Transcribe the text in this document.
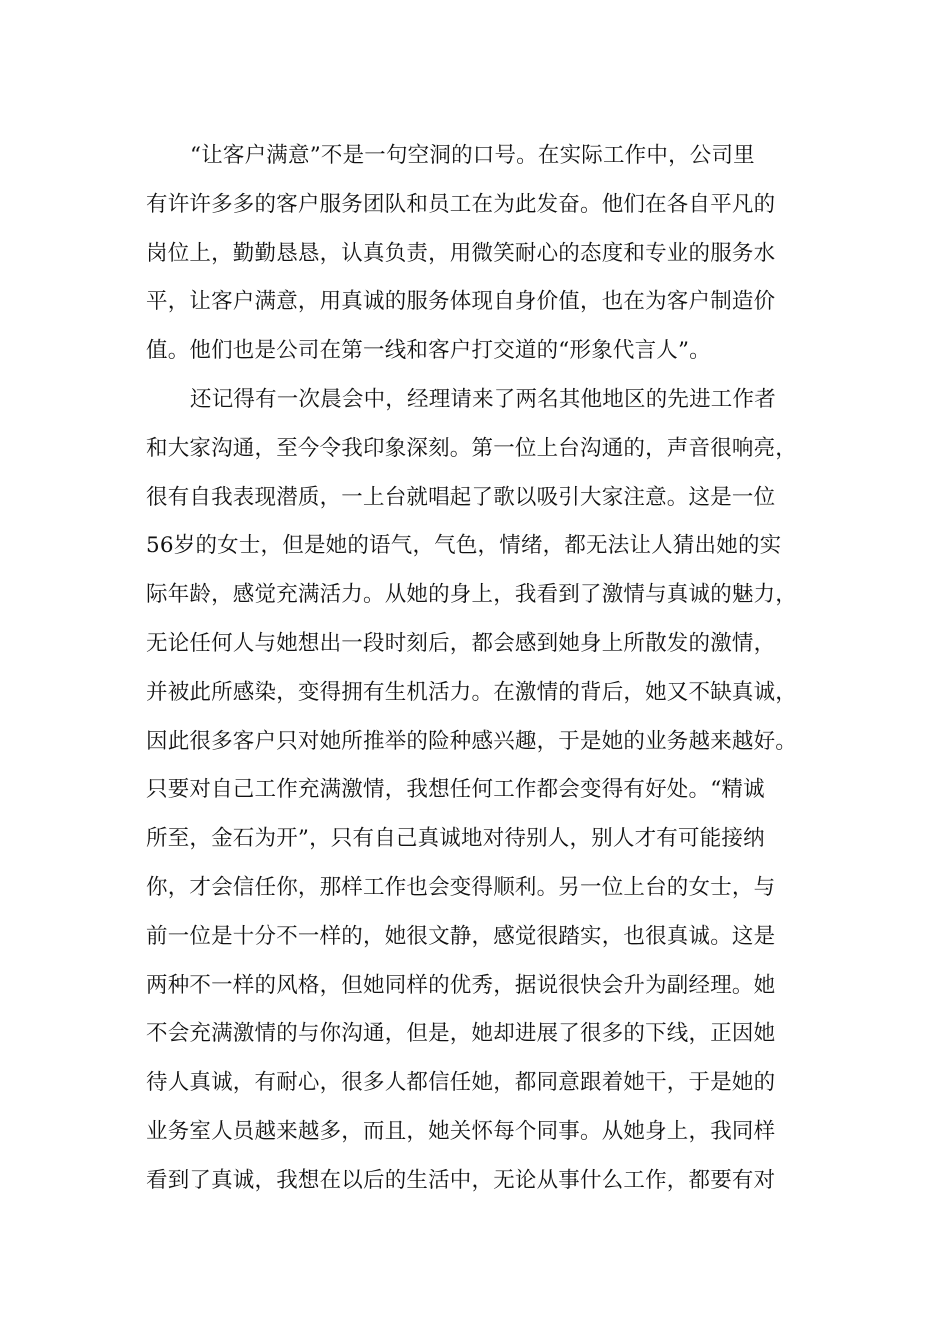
“让客户满意”不是一句空洞的口号。在实际工作中，公司里
有许许多多的客户服务团队和员工在为此发奋。他们在各自平凡的
岗位上，勤勤恳恳，认真负责，用微笑耐心的态度和专业的服务水
平，让客户满意，用真诚的服务体现自身价值，也在为客户制造价
值。他们也是公司在第一线和客户打交道的“形象代言人”。
还记得有一次晨会中，经理请来了两名其他地区的先进工作者
和大家沟通，至今令我印象深刻。第一位上台沟通的，声音很响亮，
很有自我表现潜质，一上台就唱起了歌以吸引大家注意。这是一位
56岁的女士，但是她的语气，气色，情绪，都无法让人猜出她的实
际年龄，感觉充满活力。从她的身上，我看到了激情与真诚的魅力，
无论任何人与她想出一段时刻后，都会感到她身上所散发的激情，
并被此所感染，变得拥有生机活力。在激情的背后，她又不缺真诚，
因此很多客户只对她所推举的险种感兴趣，于是她的业务越来越好。
只要对自己工作充满激情，我想任何工作都会变得有好处。“精诚
所至，金石为开”，只有自己真诚地对待别人，别人才有可能接纳
你，才会信任你，那样工作也会变得顺利。另一位上台的女士，与
前一位是十分不一样的，她很文静，感觉很踏实，也很真诚。这是
两种不一样的风格，但她同样的优秀，据说很快会升为副经理。她
不会充满激情的与你沟通，但是，她却进展了很多的下线，正因她
待人真诚，有耐心，很多人都信任她，都同意跟着她干，于是她的
业务室人员越来越多，而且，她关怀每个同事。从她身上，我同样
看到了真诚，我想在以后的生活中，无论从事什么工作，都要有对
